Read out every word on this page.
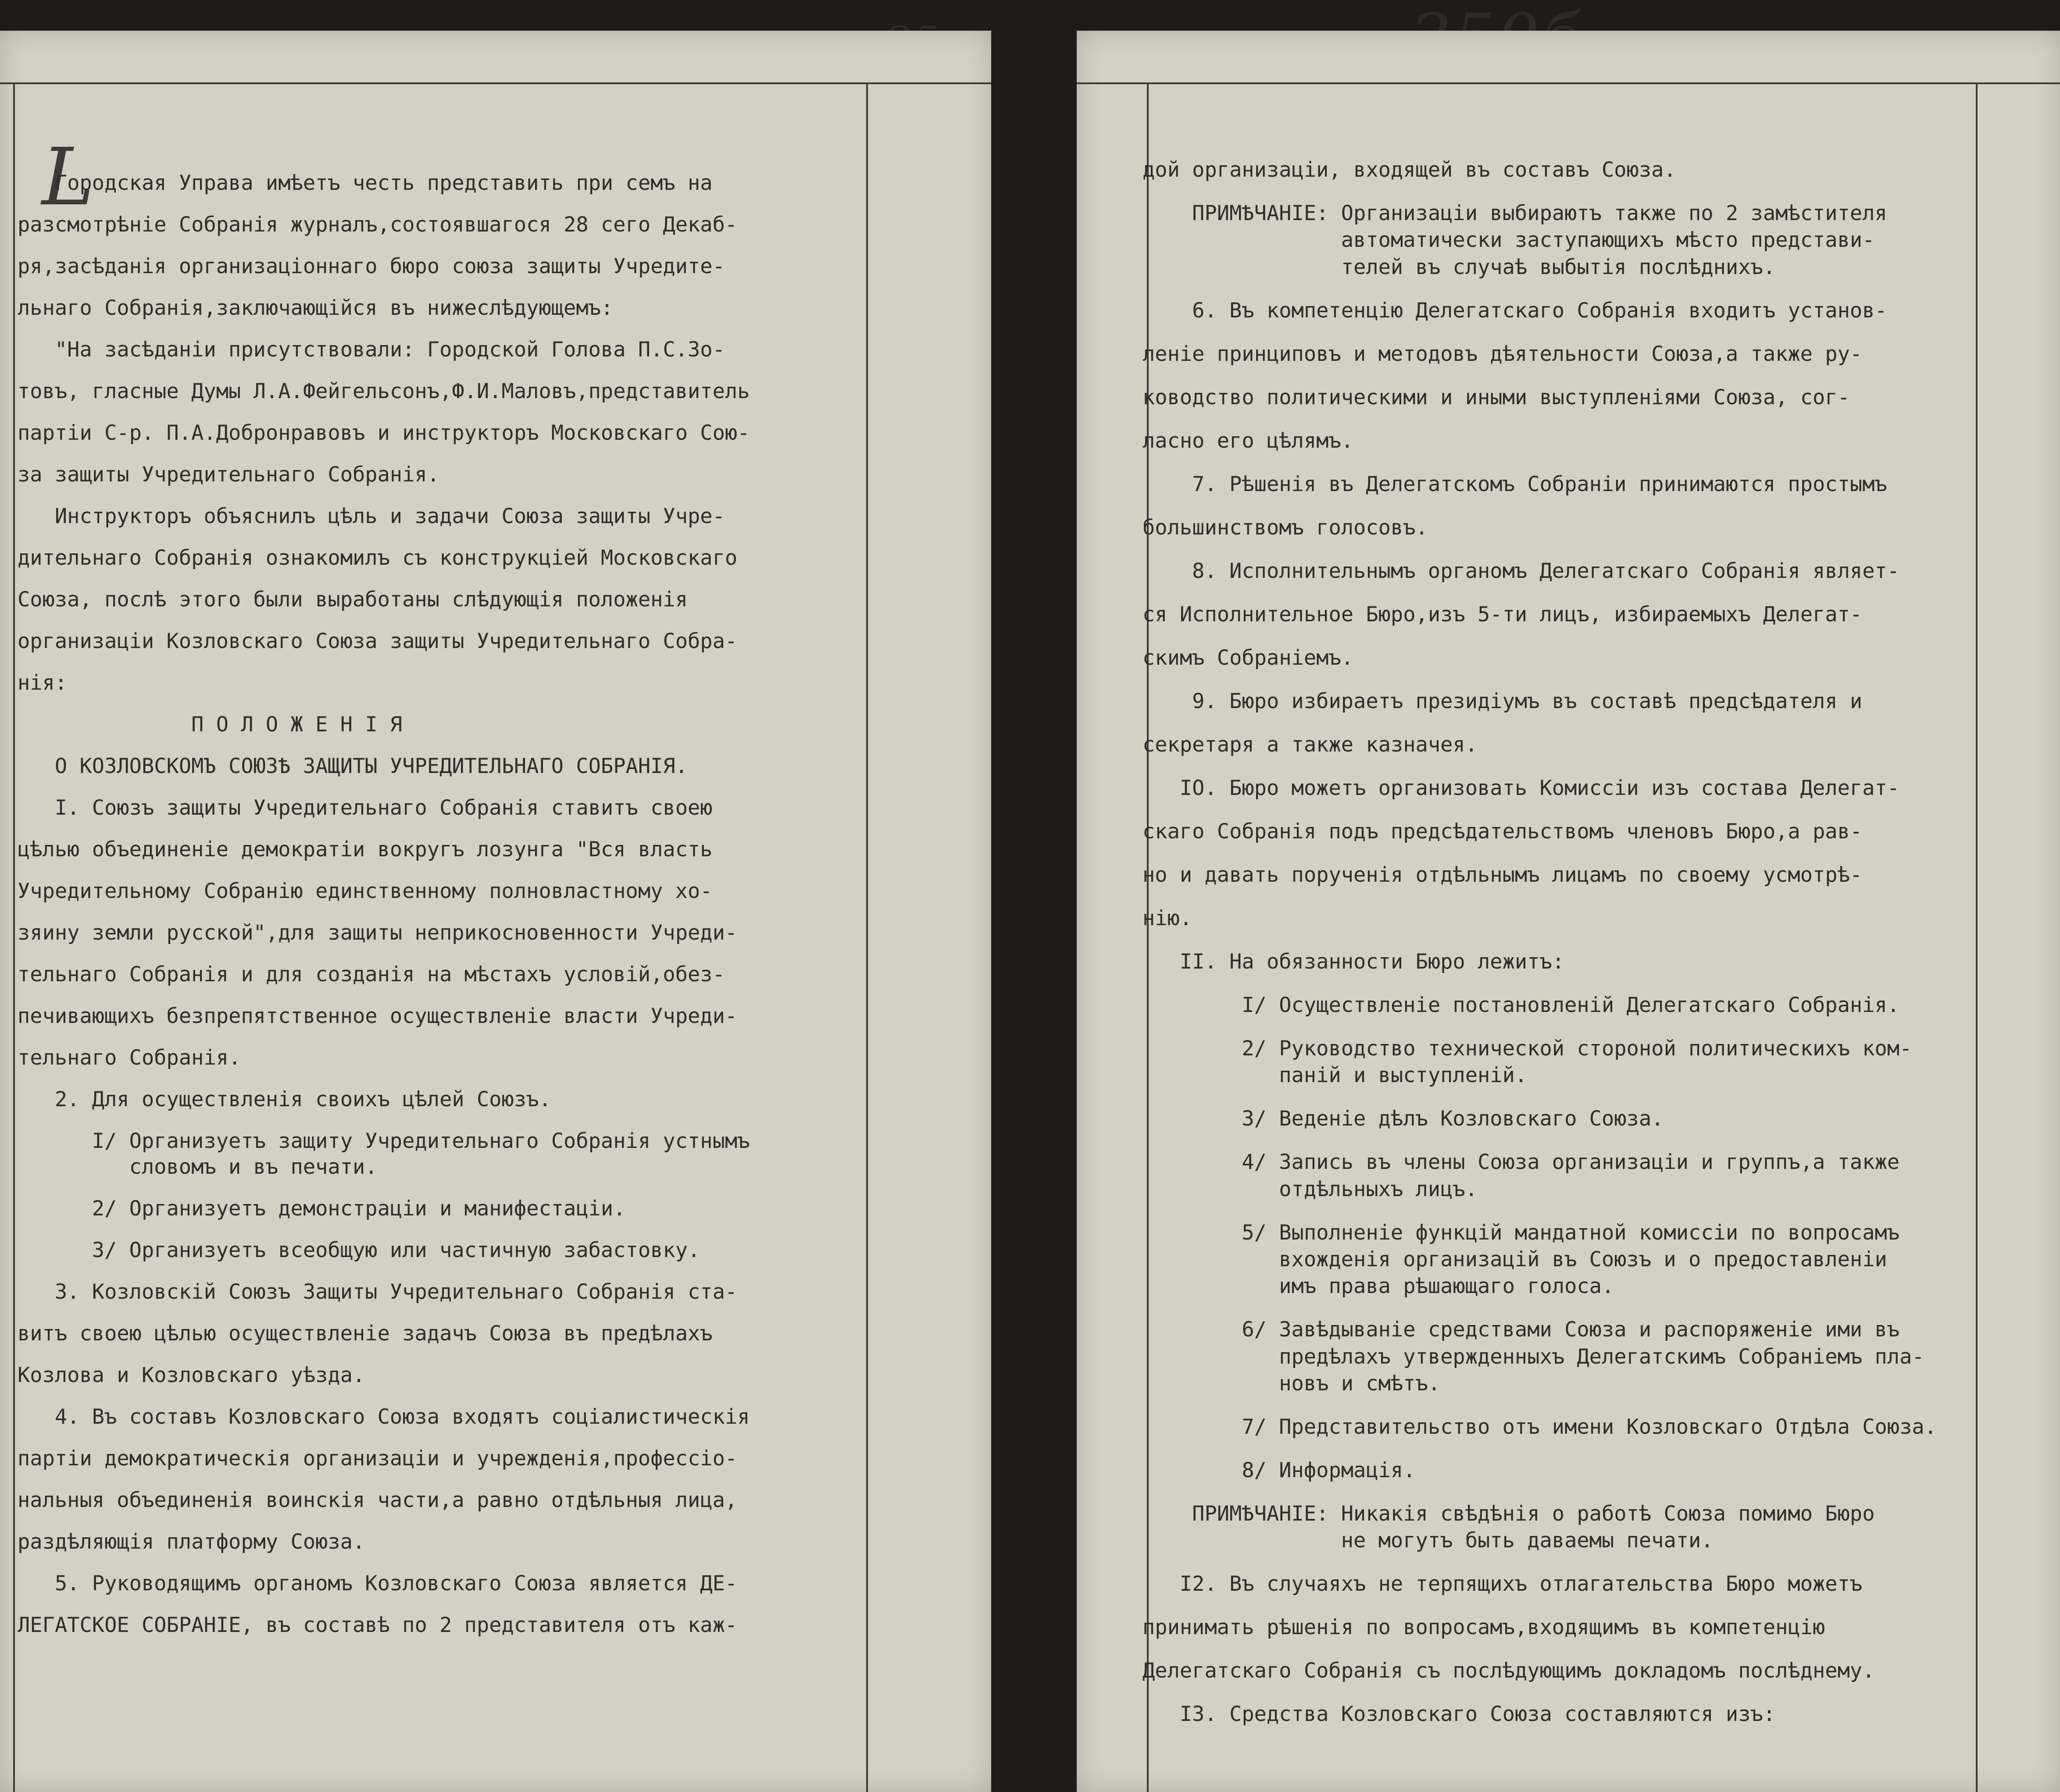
L
Городская Управа имѣетъ честь представить при семъ на
разсмотрѣніе Собранія журналъ,состоявшагося 28 сего Декаб-
ря,засѣданія организаціоннаго бюро союза защиты Учредите-
льнаго Собранія,заключающійся въ нижеслѣдующемъ:
"На засѣданіи присутствовали: Городской Голова П.С.Зо-
товъ, гласные Думы Л.А.Фейгельсонъ,Ф.И.Маловъ,представитель
партіи С-р. П.А.Добронравовъ и инструкторъ Московскаго Сою-
за защиты Учредительнаго Собранія.
Инструкторъ объяснилъ цѣль и задачи Союза защиты Учре-
дительнаго Собранія ознакомилъ съ конструкціей Московскаго
Союза, послѣ этого были выработаны слѣдующія положенія
организаціи Козловскаго Союза защиты Учредительнаго Собра-
нія:
П О Л О Ж Е Н І Я
О КОЗЛОВСКОМЪ СОЮЗѢ ЗАЩИТЫ УЧРЕДИТЕЛЬНАГО СОБРАНІЯ.
I. Союзъ защиты Учредительнаго Собранія ставитъ своею
цѣлью объединеніе демократіи вокругъ лозунга "Вся власть
Учредительному Собранію единственному полновластному хо-
зяину земли русской",для защиты неприкосновенности Учреди-
тельнаго Собранія и для созданія на мѣстахъ условій,обез-
печивающихъ безпрепятственное осуществленіе власти Учреди-
тельнаго Собранія.
2. Для осуществленія своихъ цѣлей Союзъ.
I/ Организуетъ защиту Учредительнаго Собранія устнымъ
словомъ и въ печати.
2/ Организуетъ демонстраціи и манифестаціи.
3/ Организуетъ всеобщую или частичную забастовку.
3. Козловскій Союзъ Защиты Учредительнаго Собранія ста-
витъ своею цѣлью осуществленіе задачъ Союза въ предѣлахъ
Козлова и Козловскаго уѣзда.
4. Въ составъ Козловскаго Союза входятъ соціалистическія
партіи демократическія организаціи и учрежденія,професcіо-
нальныя объединенія воинскія части,а равно отдѣльныя лица,
раздѣляющія платформу Союза.
5. Руководящимъ органомъ Козловскаго Союза является ДЕ-
ЛЕГАТСКОЕ СОБРАНІЕ, въ составѣ по 2 представителя отъ каж-
дой организаціи, входящей въ составъ Союза.
ПРИМѢЧАНІЕ: Организаціи выбираютъ также по 2 замѣстителя
автоматически заступающихъ мѣсто представи-
телей въ случаѣ выбытія послѣднихъ.
6. Въ компетенцію Делегатскаго Собранія входитъ установ-
леніе принциповъ и методовъ дѣятельности Союза,а также ру-
ководство политическими и иными выступленіями Союза, сог-
ласно его цѣлямъ.
7. Рѣшенія въ Делегатскомъ Собраніи принимаются простымъ
большинствомъ голосовъ.
8. Исполнительнымъ органомъ Делегатскаго Собранія являет-
ся Исполнительное Бюро,изъ 5-ти лицъ, избираемыхъ Делегат-
скимъ Собраніемъ.
9. Бюро избираетъ президіумъ въ составѣ предсѣдателя и
секретаря а также казначея.
IO. Бюро можетъ организовать Комиссіи изъ состава Делегат-
скаго Собранія подъ предсѣдательствомъ членовъ Бюро,а рав-
но и давать порученія отдѣльнымъ лицамъ по своему усмотрѣ-
нію.
II. На обязанности Бюро лежитъ:
I/ Осуществленіе постановленій Делегатскаго Собранія.
2/ Руководство технической стороной политическихъ ком-
паній и выступленій.
3/ Веденіе дѣлъ Козловскаго Союза.
4/ Запись въ члены Союза организаціи и группъ,а также
отдѣльныхъ лицъ.
5/ Выполненіе функцій мандатной комиссіи по вопросамъ
вхожденія организацій въ Союзъ и о предоставленіи
имъ права рѣшающаго голоса.
6/ Завѣдываніе средствами Союза и распоряженіе ими въ
предѣлахъ утвержденныхъ Делегатскимъ Собраніемъ пла-
новъ и смѣтъ.
7/ Представительство отъ имени Козловскаго Отдѣла Союза.
8/ Информація.
ПРИМѢЧАНІЕ: Никакія свѣдѣнія о работѣ Союза помимо Бюро
не могутъ быть даваемы печати.
I2. Въ случаяхъ не терпящихъ отлагательства Бюро можетъ
принимать рѣшенія по вопросамъ,входящимъ въ компетенцію
Делегатскаго Собранія съ послѣдующимъ докладомъ послѣднему.
I3. Средства Козловскаго Союза составляются изъ:
